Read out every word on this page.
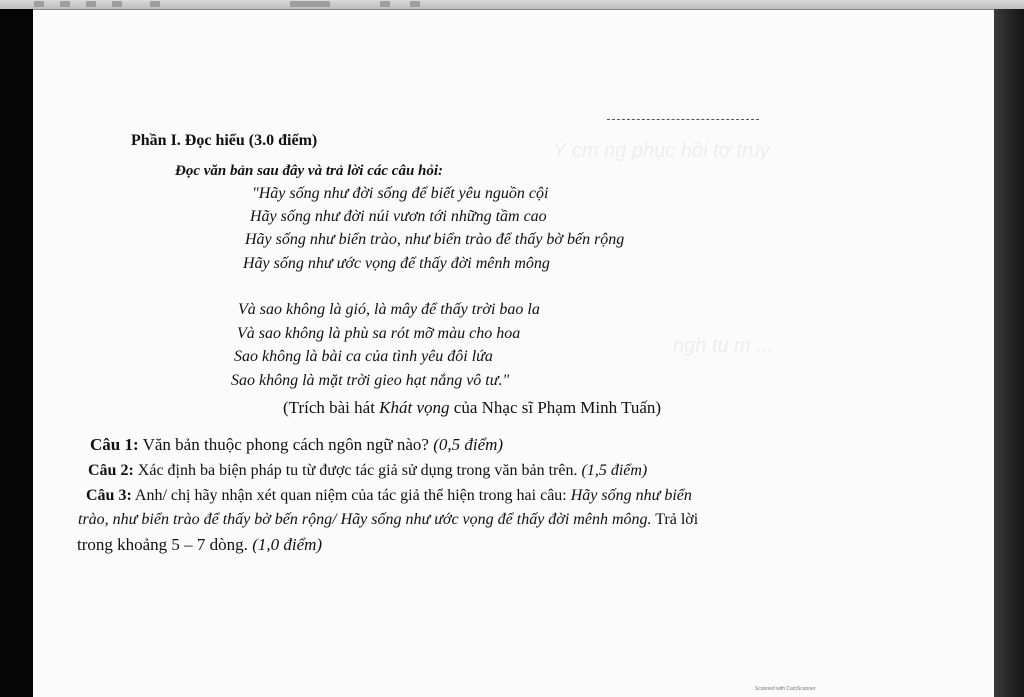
Ý cm ng phục hồi tơ truy
ngh tu m ...
Phần I. Đọc hiểu (3.0 điểm)
Đọc văn bản sau đây và trả lời các câu hỏi:
"Hãy sống như đời sống để biết yêu nguồn cội
Hãy sống như đời núi vươn tới những tầm cao
Hãy sống như biển trào, như biển trào để thấy bờ bến rộng
Hãy sống như ước vọng để thấy đời mênh mông
Và sao không là gió, là mây để thấy trời bao la
Và sao không là phù sa rót mỡ màu cho hoa
Sao không là bài ca của tình yêu đôi lứa
Sao không là mặt trời gieo hạt nắng vô tư."
(Trích bài hát Khát vọng của Nhạc sĩ Phạm Minh Tuấn)
Câu 1: Văn bản thuộc phong cách ngôn ngữ nào? (0,5 điểm)
Câu 2: Xác định ba biện pháp tu từ được tác giả sử dụng trong văn bản trên. (1,5 điểm)
Câu 3: Anh/ chị hãy nhận xét quan niệm của tác giả thể hiện trong hai câu: Hãy sống như biển
trào, như biển trào để thấy bờ bến rộng/ Hãy sống như ước vọng để thấy đời mênh mông. Trả lời
trong khoảng 5 – 7 dòng. (1,0 điểm)
Scanned with CamScanner
